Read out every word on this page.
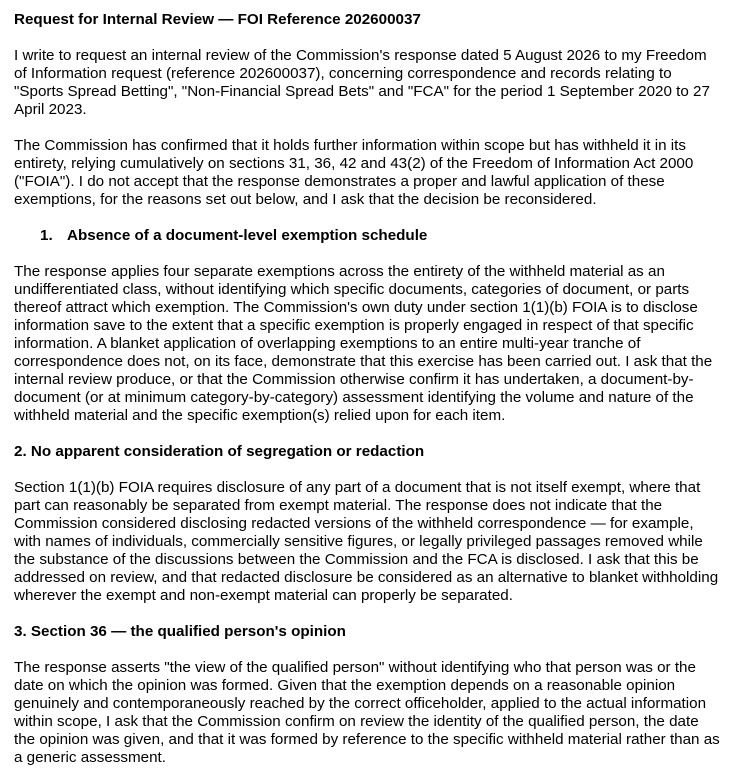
Request for Internal Review — FOI Reference 202600037

I write to request an internal review of the Commission's response dated 5 August 2026 to my Freedom of Information request (reference 202600037), concerning correspondence and records relating to "Sports Spread Betting", "Non-Financial Spread Bets" and "FCA" for the period 1 September 2020 to 27 April 2023.

The Commission has confirmed that it holds further information within scope but has withheld it in its entirety, relying cumulatively on sections 31, 36, 42 and 43(2) of the Freedom of Information Act 2000 ("FOIA"). I do not accept that the response demonstrates a proper and lawful application of these exemptions, for the reasons set out below, and I ask that the decision be reconsidered.

1. Absence of a document-level exemption schedule

The response applies four separate exemptions across the entirety of the withheld material as an undifferentiated class, without identifying which specific documents, categories of document, or parts thereof attract which exemption. The Commission's own duty under section 1(1)(b) FOIA is to disclose information save to the extent that a specific exemption is properly engaged in respect of that specific information. A blanket application of overlapping exemptions to an entire multi-year tranche of correspondence does not, on its face, demonstrate that this exercise has been carried out. I ask that the internal review produce, or that the Commission otherwise confirm it has undertaken, a document-by-document (or at minimum category-by-category) assessment identifying the volume and nature of the withheld material and the specific exemption(s) relied upon for each item.

2. No apparent consideration of segregation or redaction

Section 1(1)(b) FOIA requires disclosure of any part of a document that is not itself exempt, where that part can reasonably be separated from exempt material. The response does not indicate that the Commission considered disclosing redacted versions of the withheld correspondence — for example, with names of individuals, commercially sensitive figures, or legally privileged passages removed while the substance of the discussions between the Commission and the FCA is disclosed. I ask that this be addressed on review, and that redacted disclosure be considered as an alternative to blanket withholding wherever the exempt and non-exempt material can properly be separated.

3. Section 36 — the qualified person's opinion

The response asserts "the view of the qualified person" without identifying who that person was or the date on which the opinion was formed. Given that the exemption depends on a reasonable opinion genuinely and contemporaneously reached by the correct officeholder, applied to the actual information within scope, I ask that the Commission confirm on review the identity of the qualified person, the date the opinion was given, and that it was formed by reference to the specific withheld material rather than as a generic assessment.
